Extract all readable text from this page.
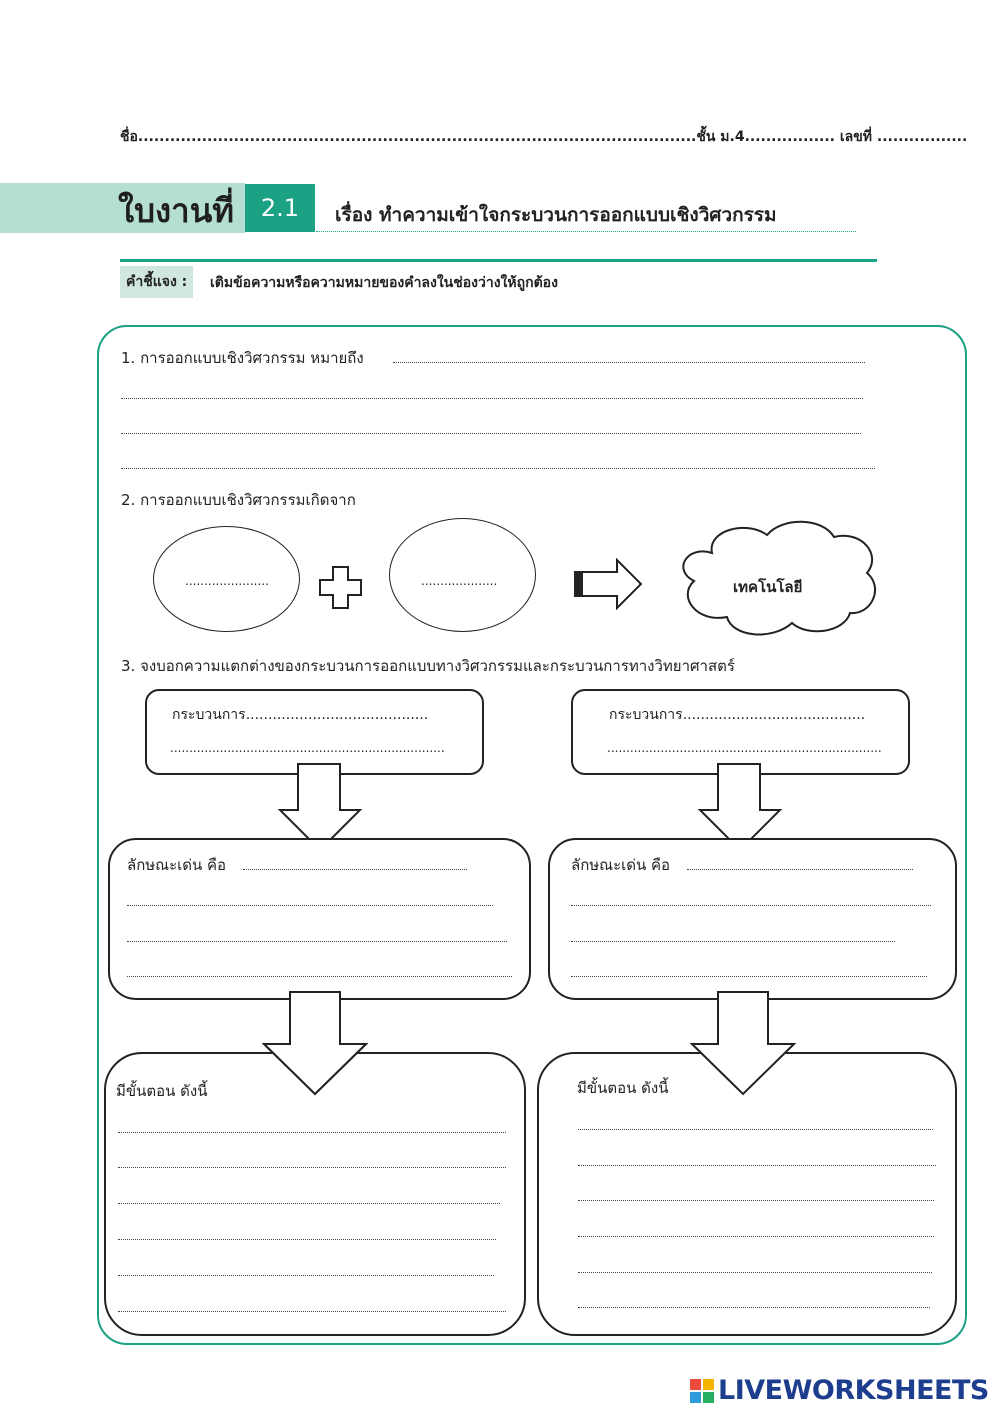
ชื่อ.........................................................................................................ชั้น ม.4................. เลขที่ .................
ใบงานที่	2.1	เรื่อง ทำความเข้าใจกระบวนการออกแบบเชิงวิศวกรรม
คำชี้แจง :	เติมข้อความหรือความหมายของคำลงในช่องว่างให้ถูกต้อง
1. การออกแบบเชิงวิศวกรรม หมายถึง
2. การออกแบบเชิงวิศวกรรมเกิดจาก
......................	....................	เทคโนโลยี
3. จงบอกความแตกต่างของกระบวนการออกแบบทางวิศวกรรมและกระบวนการทางวิทยาศาสตร์
กระบวนการ.........................................
........................................................................
ลักษณะเด่น คือ
มีขั้นตอน ดังนี้
กระบวนการ.........................................
........................................................................
ลักษณะเด่น คือ
มีขั้นตอน ดังนี้
LIVEWORKSHEETS
